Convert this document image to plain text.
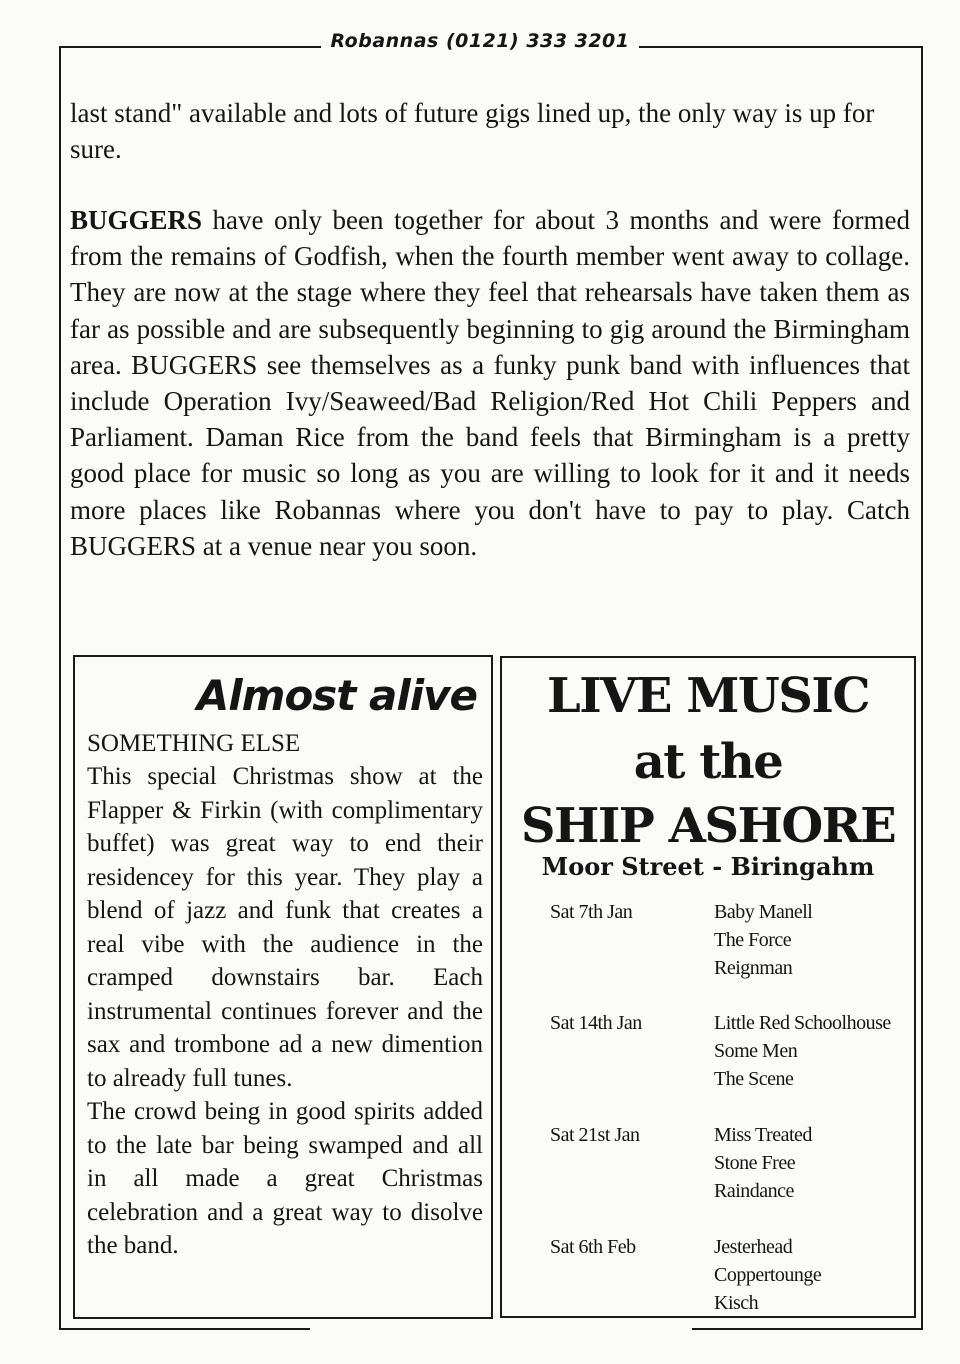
Robannas (0121) 333 3201

last stand" available and lots of future gigs lined up, the only way is up for sure.

BUGGERS have only been together for about 3 months and were formed from the remains of Godfish, when the fourth member went away to collage. They are now at the stage where they feel that rehearsals have taken them as far as possible and are subsequently beginning to gig around the Birmingham area. BUGGERS see themselves as a funky punk band with influences that include Operation Ivy/Seaweed/Bad Religion/Red Hot Chili Peppers and Parliament. Daman Rice from the band feels that Birmingham is a pretty good place for music so long as you are willing to look for it and it needs more places like Robannas where you don't have to pay to play. Catch BUGGERS at a venue near you soon.

Almost alive

SOMETHING ELSE

This special Christmas show at the Flapper & Firkin (with complimentary buffet) was great way to end their residencey for this year. They play a blend of jazz and funk that creates a real vibe with the audience in the cramped downstairs bar. Each instrumental continues forever and the sax and trombone ad a new dimention to already full tunes.
The crowd being in good spirits added to the late bar being swamped and all in all made a great Christmas celebration and a great way to disolve the band.

LIVE MUSIC
at the
SHIP ASHORE

Moor Street - Biringahm

Sat 7th Jan	Baby Manell
The Force
Reignman
Sat 14th Jan	Little Red Schoolhouse
Some Men
The Scene
Sat 21st Jan	Miss Treated
Stone Free
Raindance
Sat 6th Feb	Jesterhead
Coppertounge
Kisch
